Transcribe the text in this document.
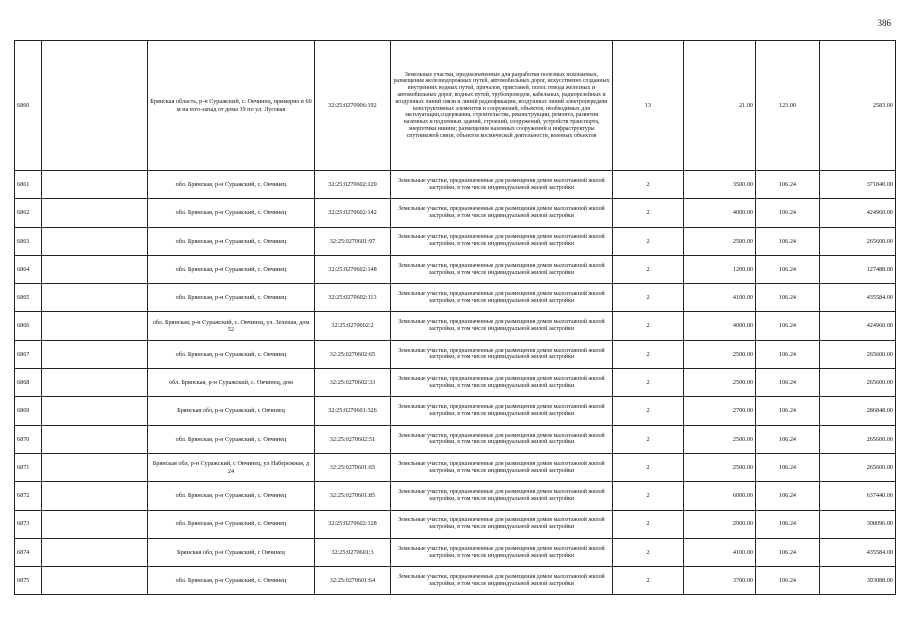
386
6860		Брянская область, р-н Суражский, с. Овчинец, примерно в 60 м на юго-запад от дома 19 по ул. Луговая	32:25:0270906:192	Земельные участки, предназначенные для разработки полезных ископаемых, размещения железнодорожных путей, автомобильных дорог, искусственно созданных внутренних водных путей, причалов, пристаней, полос отвода железных и автомобильных дорог, водных путей, трубопроводов, кабельных, радиорелейных и воздушных линий связи и линий радиофикации, воздушных линий электропередачи конструктивных элементов и сооружений, объектов, необходимых для эксплуатации,содержания, строительства, реконструкции, ремонта, развития наземных и подземных зданий, строений, сооружений, устройств транспорта, энергетики иинязи; размещения наземных сооружений и инфраструктуры спутниковой связи, объектов космической деятельности, военных объектов	13	21.00	123.00	2583.00
6861		обл. Брянская, р-н Суражский, с. Овчинец	32:25:0270602:129	Земельные участки, предназначенные для размещения домов малоэтажной жилой застройки, в том числе индивидуальной жилой застройки	2	3500.00	106.24	371840.00
6862		обл. Брянская, р-н Суражский, с. Овчинец	32:25:0270602:142	Земельные участки, предназначенные для размещения домов малоэтажной жилой застройки, в том числе индивидуальной жилой застройки	2	4000.00	106.24	424960.00
6863		обл. Брянская, р-н Суражский, с. Овчинец	32:25:0270601:97	Земельные участки, предназначенные для размещения домов малоэтажной жилой застройки, в том числе индивидуальной жилой застройки	2	2500.00	106.24	265600.00
6864		обл. Брянская, р-н Суражский, с. Овчинец	32:25:0270602:148	Земельные участки, предназначенные для размещения домов малоэтажной жилой застройки, в том числе индивидуальной жилой застройки	2	1200.00	106.24	127488.00
6865		обл. Брянская, р-н Суражский, с. Овчинец	32:25:0270602:113	Земельные участки, предназначенные для размещения домов малоэтажной жилой застройки, в том числе индивидуальной жилой застройки	2	4100.00	106.24	435584.00
6866		обл. Брянская, р-н Суражский, с. Овчинец, ул. Зеленая, дом 52	32:25:0270602:2	Земельные участки, предназначенные для размещения домов малоэтажной жилой застройки, в том числе индивидуальной жилой застройки	2	4000.00	106.24	424960.00
6867		обл. Брянская, р-н Суражский, с. Овчинец	32:25:0270602:65	Земельные участки, предназначенные для размещения домов малоэтажной жилой застройки, в том числе индивидуальной жилой застройки	2	2500.00	106.24	265600.00
6868		обл. Брянская, р-н Суражский, с. Овчинец, дом	32:25:0270602:33	Земельные участки, предназначенные для размещения домов малоэтажной жилой застройки, в том числе индивидуальной жилой застройки	2	2500.00	106.24	265600.00
6869		Брянская обл, р-н Суражский, с Овчинец	32:25:0270601:326	Земельные участки, предназначенные для размещения домов малоэтажной жилой застройки, в том числе индивидуальной жилой застройки	2	2700.00	106.24	286848.00
6870		обл. Брянская, р-н Суражский, с. Овчинец	32:25:0270602:51	Земельные участки, предназначенные для размещения домов малоэтажной жилой застройки, в том числе индивидуальной жилой застройки	2	2500.00	106.24	265600.00
6871		Брянская обл, р-н Суражский, с Овчинец, ул Набережная, д 24	32:25:0270601:65	Земельные участки, предназначенные для размещения домов малоэтажной жилой застройки, в том числе индивидуальной жилой застройки	2	2500.00	106.24	265600.00
6872		обл. Брянская, р-н Суражский, с. Овчинец	32:25:0270601:85	Земельные участки, предназначенные для размещения домов малоэтажной жилой застройки, в том числе индивидуальной жилой застройки	2	6000.00	106.24	637440.00
6873		обл. Брянская, р-н Суражский, с. Овчинец	32:25:0270602:128	Земельные участки, предназначенные для размещения домов малоэтажной жилой застройки, в том числе индивидуальной жилой застройки	2	2900.00	106.24	308096.00
6874		Брянская обл, р-н Суражский, с Овчинец	32:25:0270601:3	Земельные участки, предназначенные для размещения домов малоэтажной жилой застройки, в том числе индивидуальной жилой застройки	2	4100.00	106.24	435584.00
6875		обл. Брянская, р-н Суражский, с. Овчинец	32:25:0270601:64	Земельные участки, предназначенные для размещения домов малоэтажной жилой застройки, в том числе индивидуальной жилой застройки	2	3700.00	106.24	393088.00
